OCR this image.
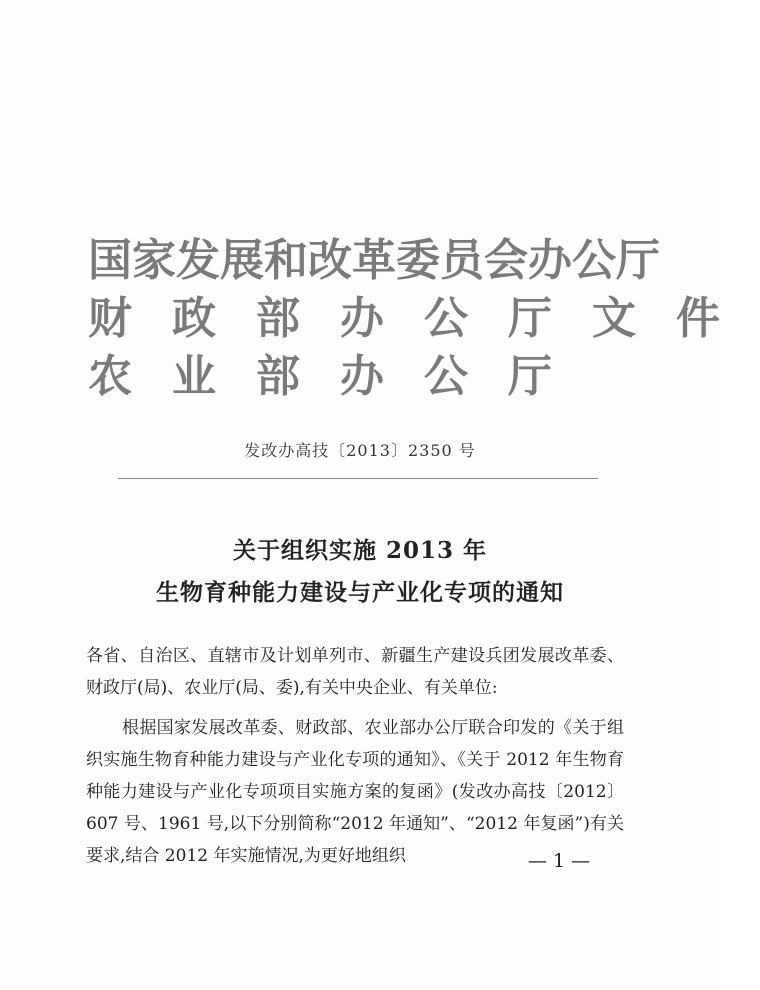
国家发展和改革委员会办公厅
财政部办公厅文件
农业部办公厅
发改办高技〔2013〕2350 号
关于组织实施 2013 年
生物育种能力建设与产业化专项的通知

各省、自治区、直辖市及计划单列市、新疆生产建设兵团发展改革委、财政厅(局)、农业厅(局、委),有关中央企业、有关单位:

根据国家发展改革委、财政部、农业部办公厅联合印发的《关于组织实施生物育种能力建设与产业化专项的通知》、《关于 2012 年生物育种能力建设与产业化专项项目实施方案的复函》(发改办高技〔2012〕607 号、1961 号,以下分别简称“2012 年通知”、“2012 年复函”)有关要求,结合 2012 年实施情况,为更好地组织	— 1 —
